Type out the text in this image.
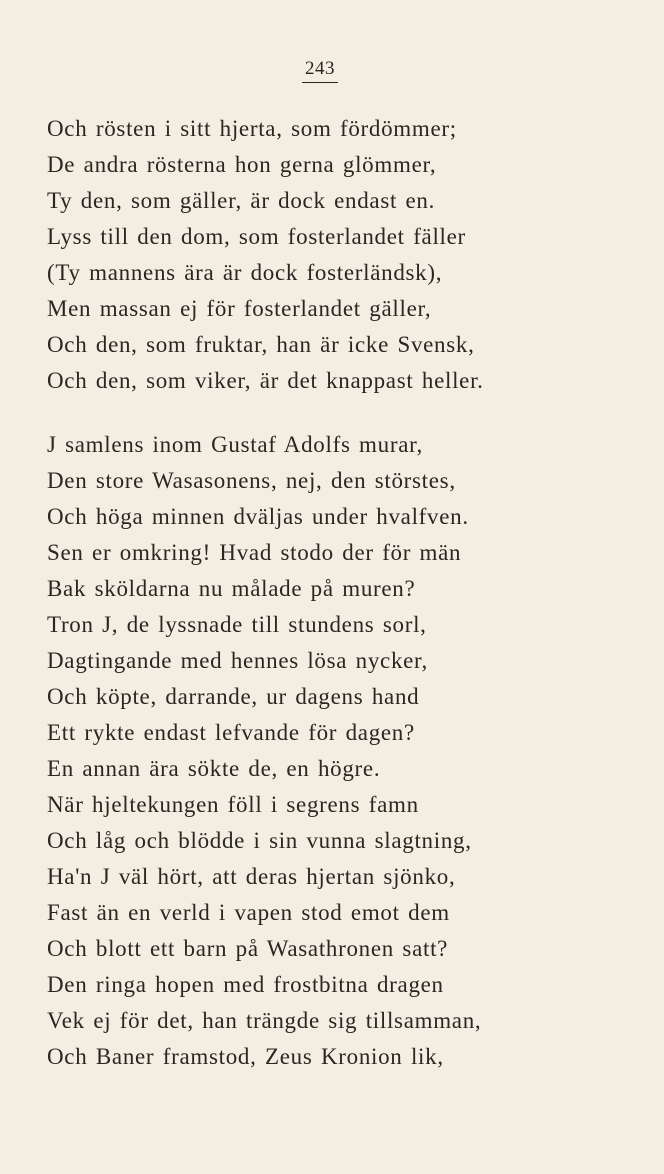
243
Och rösten i sitt hjerta, som fördömmer;
De andra rösterna hon gerna glömmer,
Ty den, som gäller, är dock endast en.
Lyss till den dom, som fosterlandet fäller
(Ty mannens ära är dock fosterländsk),
Men massan ej för fosterlandet gäller,
Och den, som fruktar, han är icke Svensk,
Och den, som viker, är det knappast heller.
J samlens inom Gustaf Adolfs murar,
Den store Wasasonens, nej, den störstes,
Och höga minnen dväljas under hvalfven.
Sen er omkring! Hvad stodo der för män
Bak sköldarna nu målade på muren?
Tron J, de lyssnade till stundens sorl,
Dagtingande med hennes lösa nycker,
Och köpte, darrande, ur dagens hand
Ett rykte endast lefvande för dagen?
En annan ära sökte de, en högre.
När hjeltekungen föll i segrens famn
Och låg och blödde i sin vunna slagtning,
Ha'n J väl hört, att deras hjertan sjönko,
Fast än en verld i vapen stod emot dem
Och blott ett barn på Wasathronen satt?
Den ringa hopen med frostbitna dragen
Vek ej för det, han trängde sig tillsamman,
Och Baner framstod, Zeus Kronion lik,
